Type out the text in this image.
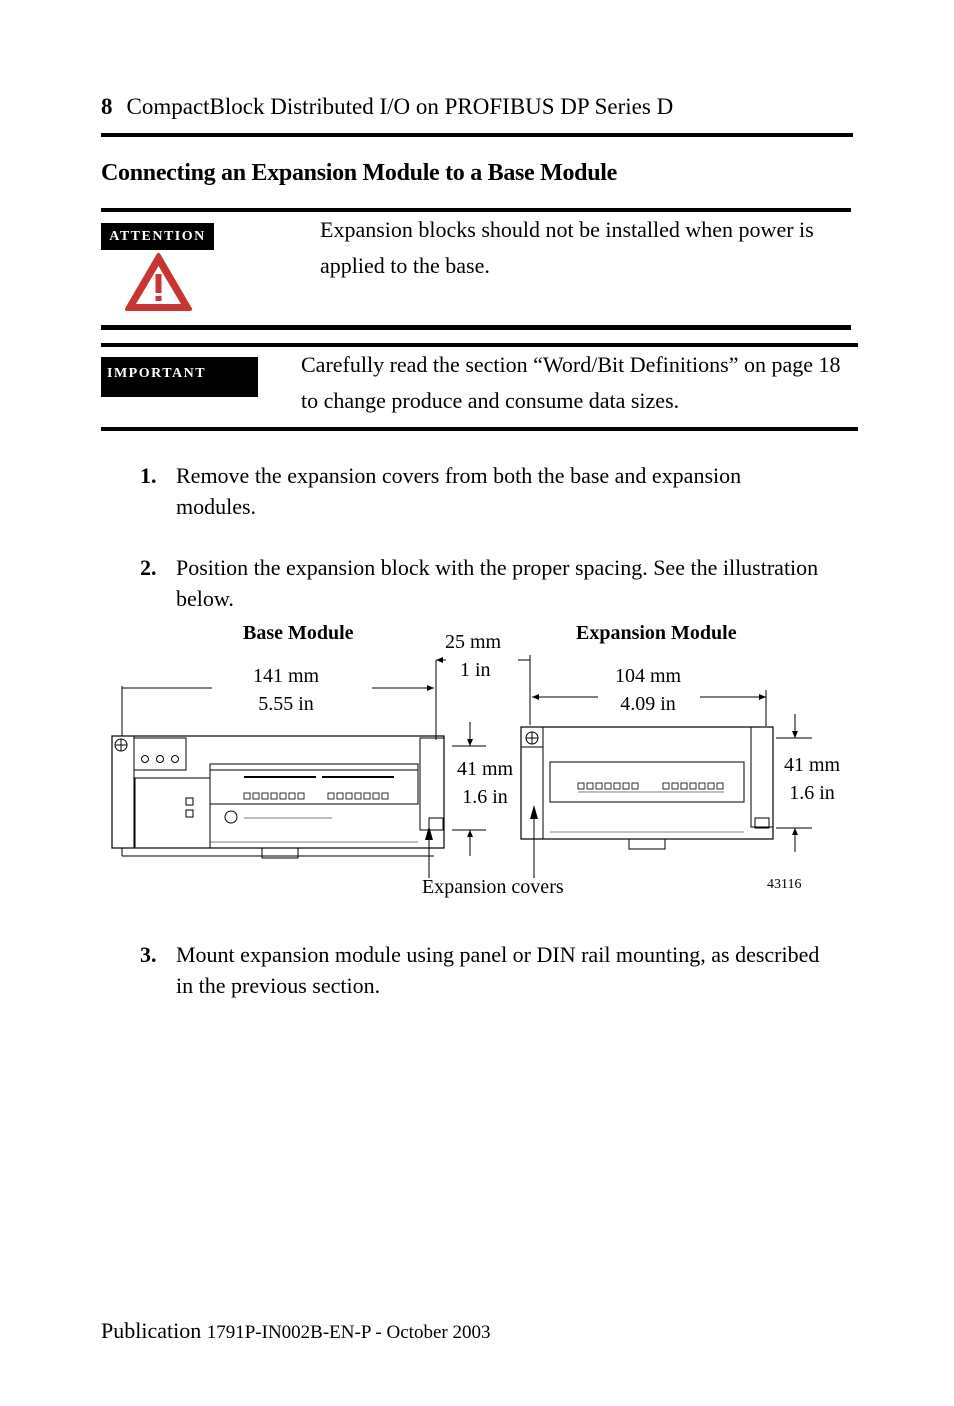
8 CompactBlock Distributed I/O on PROFIBUS DP Series D
Connecting an Expansion Module to a Base Module
ATTENTION	Expansion blocks should not be installed when power is applied to the base.
IMPORTANT	Carefully read the section “Word/Bit Definitions” on page 18 to change produce and consume data sizes.
1. Remove the expansion covers from both the base and expansion modules.
2. Position the expansion block with the proper spacing. See the illustration below.
Base Module	Expansion Module
141 mm
5.55 in
25 mm
1 in	104 mm
4.09 in
41 mm
1.6 in
41 mm
1.6 in
Expansion covers	43116
3. Mount expansion module using panel or DIN rail mounting, as described in the previous section.
Publication 1791P-IN002B-EN-P - October 2003
